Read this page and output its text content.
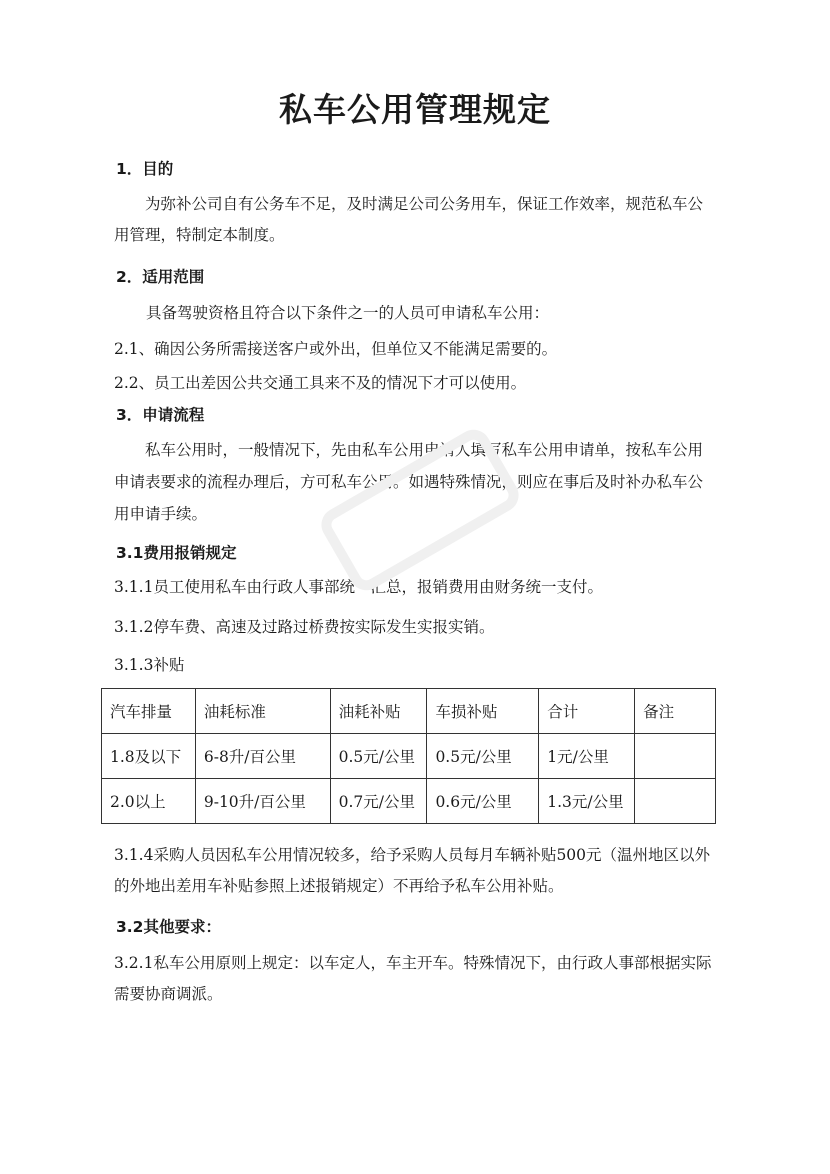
私车公用管理规定
1．目的
为弥补公司自有公务车不足，及时满足公司公务用车，保证工作效率，规范私车公用管理，特制定本制度。
2．适用范围
具备驾驶资格且符合以下条件之一的人员可申请私车公用：
2.1、确因公务所需接送客户或外出，但单位又不能满足需要的。
2.2、员工出差因公共交通工具来不及的情况下才可以使用。
3．申请流程
私车公用时，一般情况下，先由私车公用申请人填写私车公用申请单，按私车公用申请表要求的流程办理后，方可私车公用。如遇特殊情况，则应在事后及时补办私车公用申请手续。
3.1费用报销规定
3.1.1员工使用私车由行政人事部统一汇总，报销费用由财务统一支付。
3.1.2停车费、高速及过路过桥费按实际发生实报实销。
3.1.3补贴
汽车排量	油耗标准	油耗补贴	车损补贴	合计	备注
1.8及以下	6-8升/百公里	0.5元/公里	0.5元/公里	1元/公里	
2.0以上	9-10升/百公里	0.7元/公里	0.6元/公里	1.3元/公里	
3.1.4采购人员因私车公用情况较多，给予采购人员每月车辆补贴500元（温州地区以外的外地出差用车补贴参照上述报销规定）不再给予私车公用补贴。
3.2其他要求：
3.2.1私车公用原则上规定：以车定人，车主开车。特殊情况下，由行政人事部根据实际需要协商调派。
